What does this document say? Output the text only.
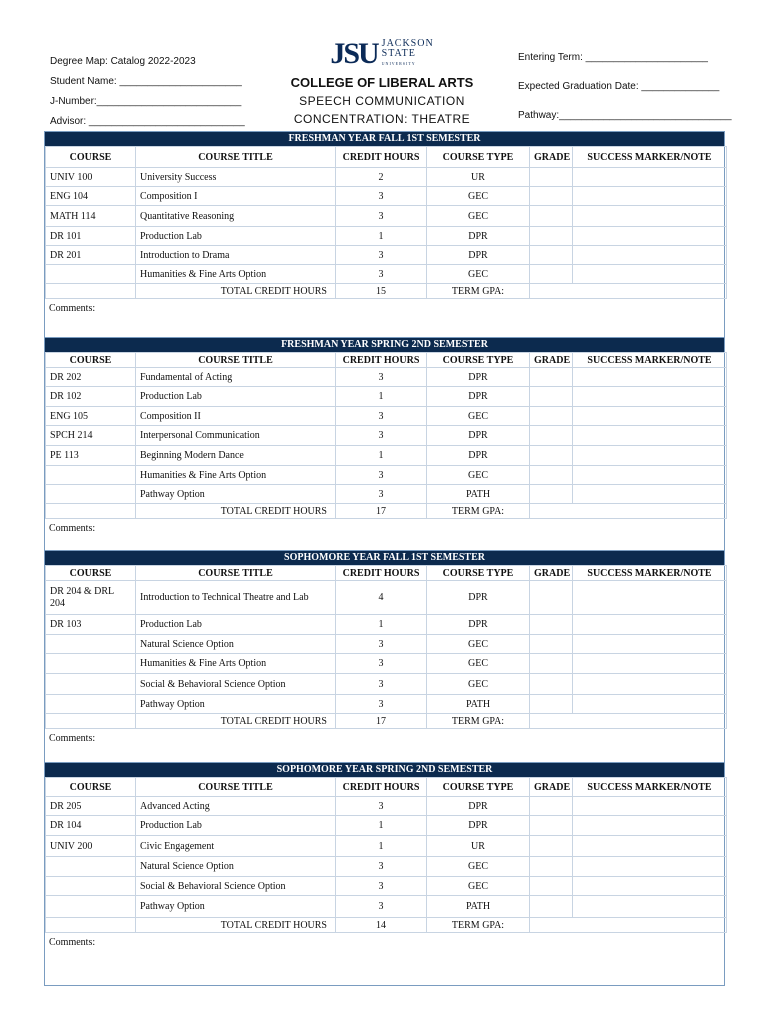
Degree Map: Catalog 2022-2023
Student Name: ______________________
J-Number:__________________________
Advisor: ____________________________
JSU JACKSON
STATE
UNIVERSITY
COLLEGE OF LIBERAL ARTS
SPEECH COMMUNICATION
CONCENTRATION: THEATRE
Entering Term: ______________________
Expected Graduation Date: ______________
Pathway:_______________________________
FRESHMAN YEAR FALL 1ST SEMESTER
COURSE	COURSE TITLE	CREDIT HOURS	COURSE TYPE	GRADE	SUCCESS MARKER/NOTE
UNIV 100	University Success	2	UR		
ENG 104	Composition I	3	GEC		
MATH 114	Quantitative Reasoning	3	GEC		
DR 101	Production Lab	1	DPR		
DR 201	Introduction to Drama	3	DPR		
	Humanities & Fine Arts Option	3	GEC		
	TOTAL CREDIT HOURS	15	TERM GPA:		
Comments:
FRESHMAN YEAR SPRING 2ND SEMESTER
COURSE	COURSE TITLE	CREDIT HOURS	COURSE TYPE	GRADE	SUCCESS MARKER/NOTE
DR 202	Fundamental of Acting	3	DPR		
DR 102	Production Lab	1	DPR		
ENG 105	Composition II	3	GEC		
SPCH 214	Interpersonal Communication	3	DPR		
PE 113	Beginning Modern Dance	1	DPR		
	Humanities & Fine Arts Option	3	GEC		
	Pathway Option	3	PATH		
	TOTAL CREDIT HOURS	17	TERM GPA:		
Comments:
SOPHOMORE YEAR FALL 1ST SEMESTER
COURSE	COURSE TITLE	CREDIT HOURS	COURSE TYPE	GRADE	SUCCESS MARKER/NOTE
DR 204 & DRL 204	Introduction to Technical Theatre and Lab	4	DPR		
DR 103	Production Lab	1	DPR		
	Natural Science Option	3	GEC		
	Humanities & Fine Arts Option	3	GEC		
	Social & Behavioral Science Option	3	GEC		
	Pathway Option	3	PATH		
	TOTAL CREDIT HOURS	17	TERM GPA:		
Comments:
SOPHOMORE YEAR SPRING 2ND SEMESTER
COURSE	COURSE TITLE	CREDIT HOURS	COURSE TYPE	GRADE	SUCCESS MARKER/NOTE
DR 205	Advanced Acting	3	DPR		
DR 104	Production Lab	1	DPR		
UNIV 200	Civic Engagement	1	UR		
	Natural Science Option	3	GEC		
	Social & Behavioral Science Option	3	GEC		
	Pathway Option	3	PATH		
	TOTAL CREDIT HOURS	14	TERM GPA:		
Comments:
